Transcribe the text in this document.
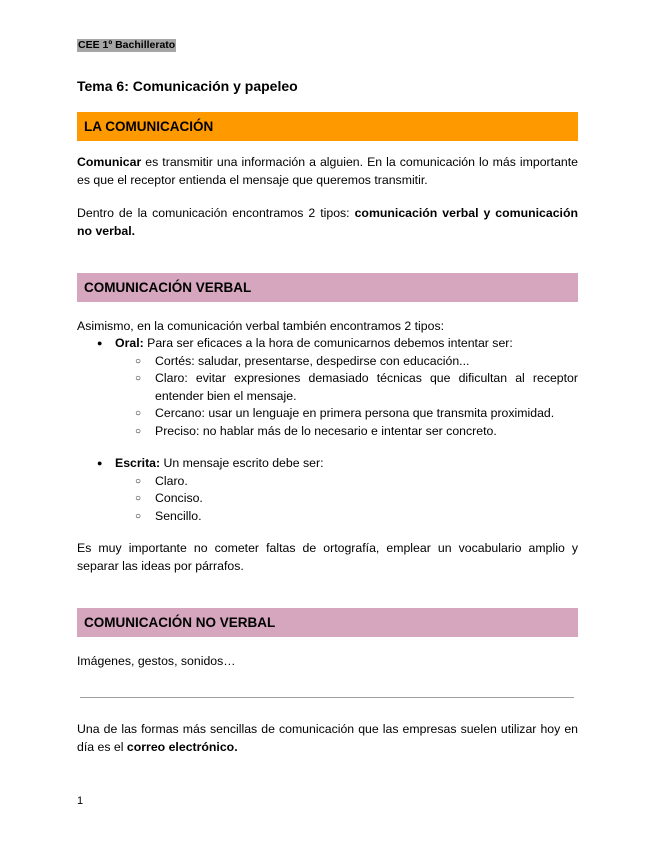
CEE 1º Bachillerato
Tema 6: Comunicación y papeleo
LA COMUNICACIÓN
Comunicar es transmitir una información a alguien. En la comunicación lo más importante es que el receptor entienda el mensaje que queremos transmitir.
Dentro de la comunicación encontramos 2 tipos: comunicación verbal y comunicación no verbal.
COMUNICACIÓN VERBAL
Asimismo, en la comunicación verbal también encontramos 2 tipos:
● Oral: Para ser eficaces a la hora de comunicarnos debemos intentar ser:
○ Cortés: saludar, presentarse, despedirse con educación...
○ Claro: evitar expresiones demasiado técnicas que dificultan al receptor entender bien el mensaje.
○ Cercano: usar un lenguaje en primera persona que transmita proximidad.
○ Preciso: no hablar más de lo necesario e intentar ser concreto.
● Escrita: Un mensaje escrito debe ser:
○ Claro.
○ Conciso.
○ Sencillo.
Es muy importante no cometer faltas de ortografía, emplear un vocabulario amplio y separar las ideas por párrafos.
COMUNICACIÓN NO VERBAL
Imágenes, gestos, sonidos…
Una de las formas más sencillas de comunicación que las empresas suelen utilizar hoy en día es el correo electrónico.
1
